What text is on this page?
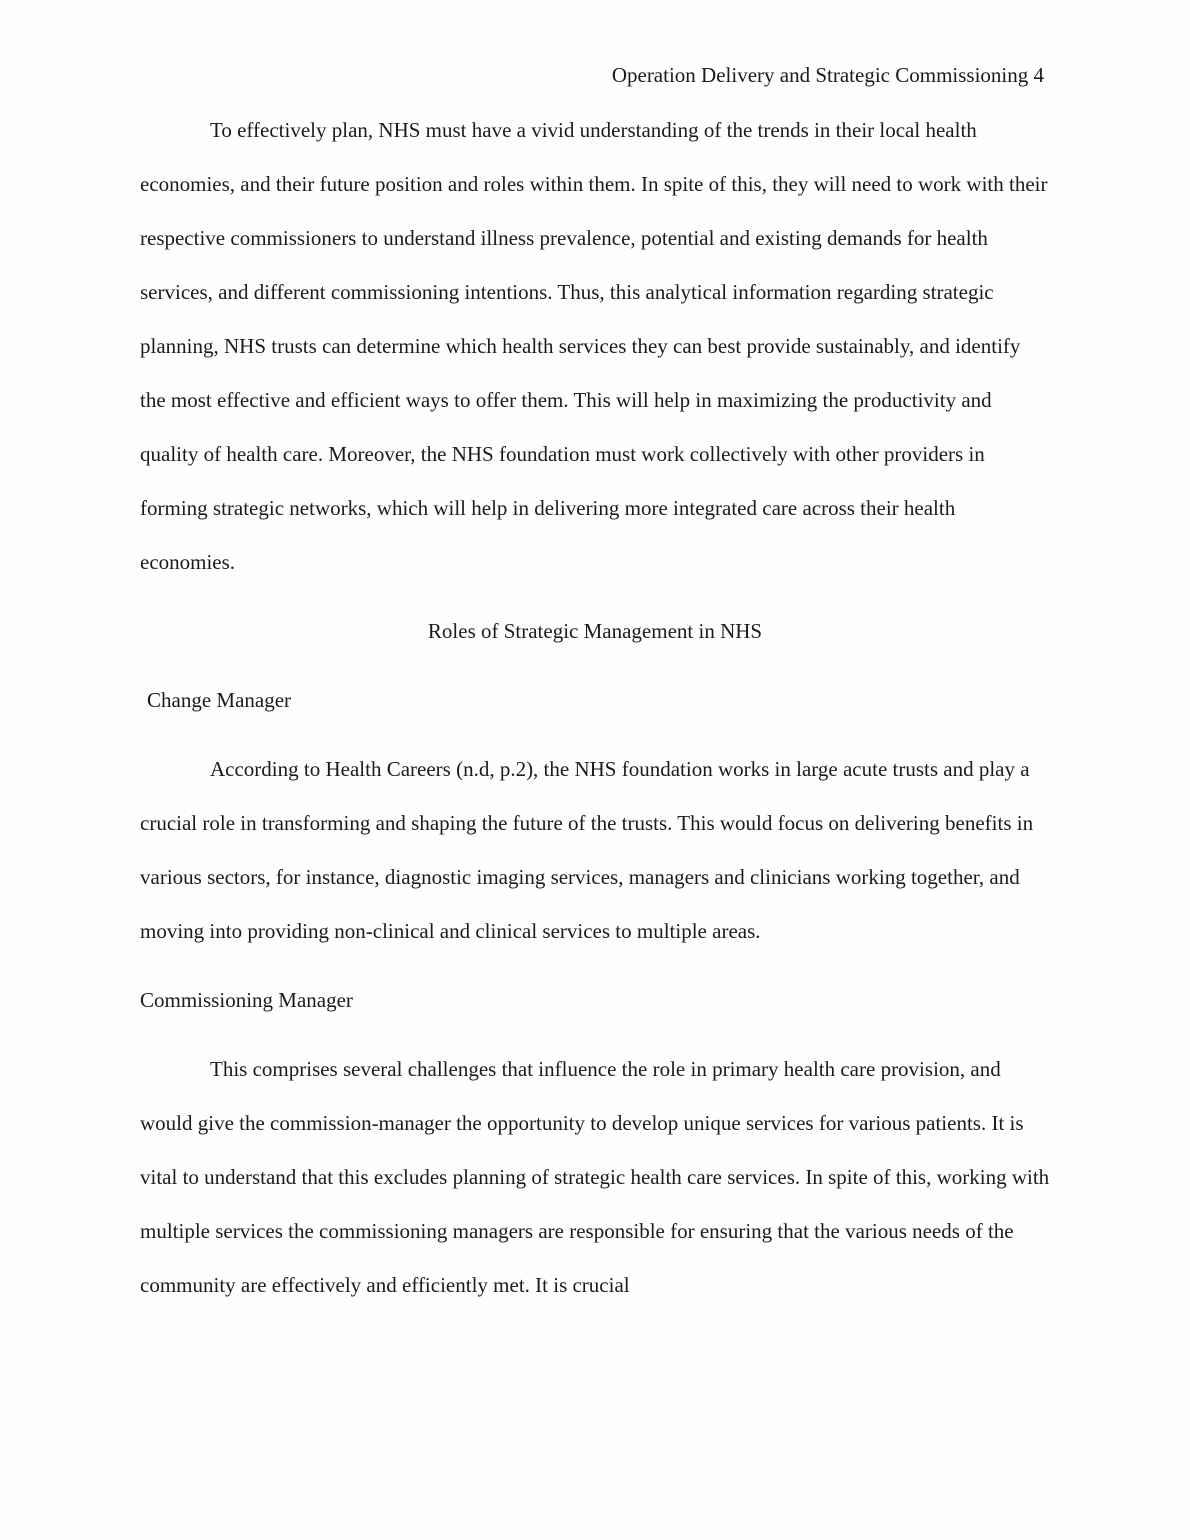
Operation Delivery and Strategic Commissioning 4

To effectively plan, NHS must have a vivid understanding of the trends in their local health economies, and their future position and roles within them. In spite of this, they will need to work with their respective commissioners to understand illness prevalence, potential and existing demands for health services, and different commissioning intentions. Thus, this analytical information regarding strategic planning, NHS trusts can determine which health services they can best provide sustainably, and identify the most effective and efficient ways to offer them. This will help in maximizing the productivity and quality of health care. Moreover, the NHS foundation must work collectively with other providers in forming strategic networks, which will help in delivering more integrated care across their health economies.

Roles of Strategic Management in NHS
Change Manager

According to Health Careers (n.d, p.2), the NHS foundation works in large acute trusts and play a crucial role in transforming and shaping the future of the trusts. This would focus on delivering benefits in various sectors, for instance, diagnostic imaging services, managers and clinicians working together, and moving into providing non-clinical and clinical services to multiple areas.

Commissioning Manager

This comprises several challenges that influence the role in primary health care provision, and would give the commission-manager the opportunity to develop unique services for various patients. It is vital to understand that this excludes planning of strategic health care services. In spite of this, working with multiple services the commissioning managers are responsible for ensuring that the various needs of the community are effectively and efficiently met. It is crucial
